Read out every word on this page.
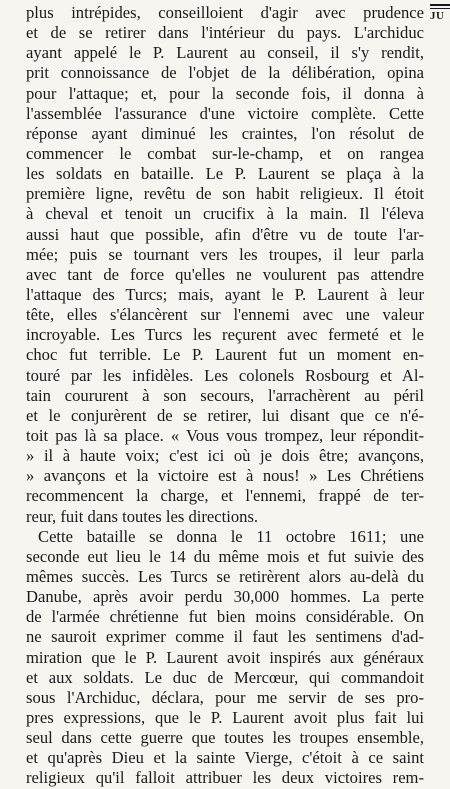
JU
plus intrépides, conseilloient d'agir avec prudence
et de se retirer dans l'intérieur du pays. L'archiduc
ayant appelé le P. Laurent au conseil, il s'y rendit,
prit connoissance de l'objet de la délibération, opina
pour l'attaque; et, pour la seconde fois, il donna à
l'assemblée l'assurance d'une victoire complète. Cette
réponse ayant diminué les craintes, l'on résolut de
commencer le combat sur-le-champ, et on rangea
les soldats en bataille. Le P. Laurent se plaça à la
première ligne, revêtu de son habit religieux. Il étoit
à cheval et tenoit un crucifix à la main. Il l'éleva
aussi haut que possible, afin d'être vu de toute l'ar-
mée; puis se tournant vers les troupes, il leur parla
avec tant de force qu'elles ne voulurent pas attendre
l'attaque des Turcs; mais, ayant le P. Laurent à leur
tête, elles s'élancèrent sur l'ennemi avec une valeur
incroyable. Les Turcs les reçurent avec fermeté et le
choc fut terrible. Le P. Laurent fut un moment en-
touré par les infidèles. Les colonels Rosbourg et Al-
tain coururent à son secours, l'arrachèrent au péril
et le conjurèrent de se retirer, lui disant que ce n'é-
toit pas là sa place. « Vous vous trompez, leur répondit-
» il à haute voix; c'est ici où je dois être; avançons,
» avançons et la victoire est à nous! » Les Chrétiens
recommencent la charge, et l'ennemi, frappé de ter-
reur, fuit dans toutes les directions.
Cette bataille se donna le 11 octobre 1611; une
seconde eut lieu le 14 du même mois et fut suivie des
mêmes succès. Les Turcs se retirèrent alors au-delà du
Danube, après avoir perdu 30,000 hommes. La perte
de l'armée chrétienne fut bien moins considérable. On
ne sauroit exprimer comme il faut les sentimens d'ad-
miration que le P. Laurent avoit inspirés aux généraux
et aux soldats. Le duc de Mercœur, qui commandoit
sous l'Archiduc, déclara, pour me servir de ses pro-
pres expressions, que le P. Laurent avoit plus fait lui
seul dans cette guerre que toutes les troupes ensemble,
et qu'après Dieu et la sainte Vierge, c'étoit à ce saint
religieux qu'il falloit attribuer les deux victoires rem-
